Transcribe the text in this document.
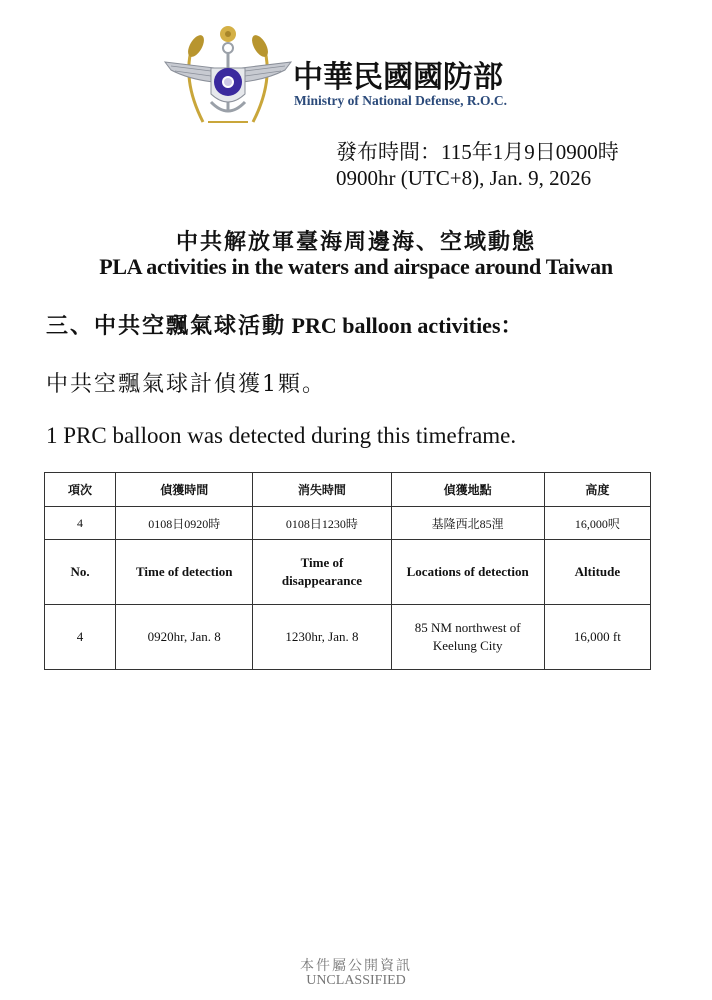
中華民國國防部
Ministry of National Defense, R.O.C.
發布時間：115年1月9日0900時
0900hr (UTC+8), Jan. 9, 2026
中共解放軍臺海周邊海、空域動態
PLA activities in the waters and airspace around Taiwan
三、中共空飄氣球活動 PRC balloon activities：
中共空飄氣球計偵獲1顆。
1 PRC balloon was detected during this timeframe.
項次	偵獲時間	消失時間	偵獲地點	高度
4	0108日0920時	0108日1230時	基隆西北85浬	16,000呎
No.	Time of detection	Time of disappearance	Locations of detection	Altitude
4	0920hr, Jan. 8	1230hr, Jan. 8	85 NM northwest of Keelung City	16,000 ft
本件屬公開資訊
UNCLASSIFIED
